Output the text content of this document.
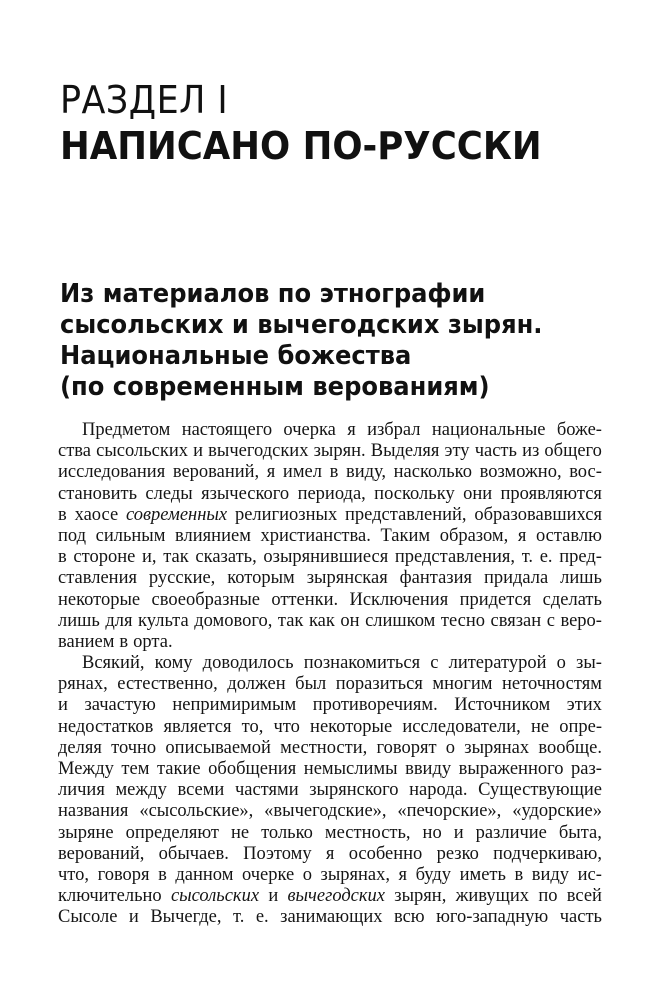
РАЗДЕЛ I
НАПИСАНО ПО-РУССКИ
Из материалов по этнографии
сысольских и вычегодских зырян.
Национальные божества
(по современным верованиям)
Предметом настоящего очерка я избрал национальные боже-
ства сысольских и вычегодских зырян. Выделяя эту часть из общего
исследования верований, я имел в виду, насколько возможно, вос-
становить следы языческого периода, поскольку они проявляются
в хаосе современных религиозных представлений, образовавшихся
под сильным влиянием христианства. Таким образом, я оставлю
в стороне и, так сказать, озырянившиеся представления, т. е. пред-
ставления русские, которым зырянская фантазия придала лишь
некоторые своеобразные оттенки. Исключения придется сделать
лишь для культа домового, так как он слишком тесно связан с веро-
ванием в орта.
Всякий, кому доводилось познакомиться с литературой о зы-
рянах, естественно, должен был поразиться многим неточностям
и зачастую непримиримым противоречиям. Источником этих
недостатков является то, что некоторые исследователи, не опре-
деляя точно описываемой местности, говорят о зырянах вообще.
Между тем такие обобщения немыслимы ввиду выраженного раз-
личия между всеми частями зырянского народа. Существующие
названия «сысольские», «вычегодские», «печорские», «удорские»
зыряне определяют не только местность, но и различие быта,
верований, обычаев. Поэтому я особенно резко подчеркиваю,
что, говоря в данном очерке о зырянах, я буду иметь в виду ис-
ключительно сысольских и вычегодских зырян, живущих по всей
Сысоле и Вычегде, т. е. занимающих всю юго-западную часть
